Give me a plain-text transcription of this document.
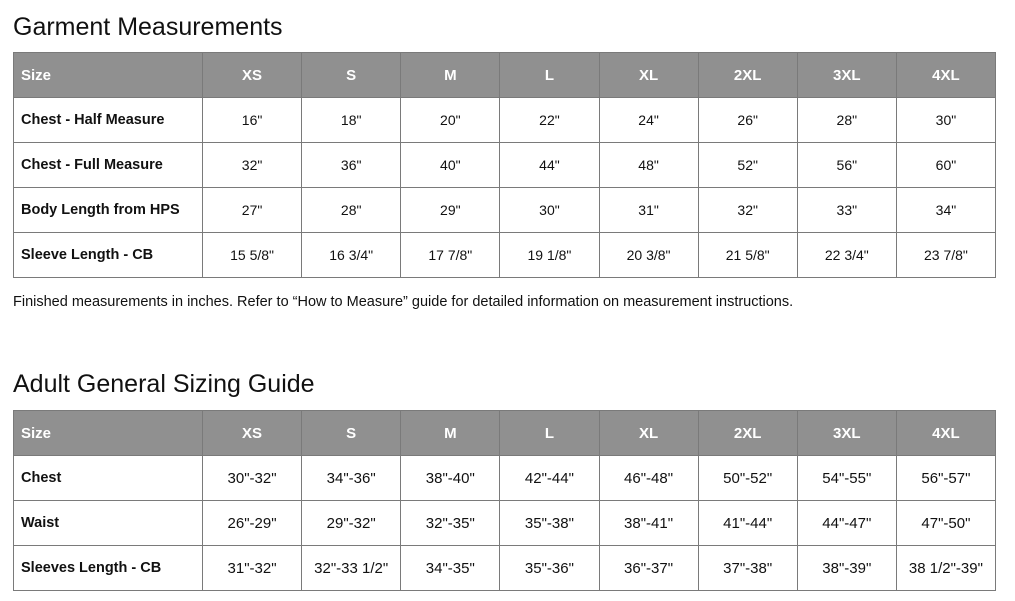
Garment Measurements
Size	XS	S	M	L	XL	2XL	3XL	4XL
Chest - Half Measure	16"	18"	20"	22"	24"	26"	28"	30"
Chest - Full Measure	32"	36"	40"	44"	48"	52"	56"	60"
Body Length from HPS	27"	28"	29"	30"	31"	32"	33"	34"
Sleeve Length - CB	15 5/8"	16 3/4"	17 7/8"	19 1/8"	20 3/8"	21 5/8"	22 3/4"	23 7/8"

Finished measurements in inches. Refer to “How to Measure” guide for detailed information on measurement instructions.

Adult General Sizing Guide
Size	XS	S	M	L	XL	2XL	3XL	4XL
Chest	30"-32"	34"-36"	38"-40"	42"-44"	46"-48"	50"-52"	54"-55"	56"-57"
Waist	26"-29"	29"-32"	32"-35"	35"-38"	38"-41"	41"-44"	44"-47"	47"-50"
Sleeves Length - CB	31"-32"	32"-33 1/2"	34"-35"	35"-36"	36"-37"	37"-38"	38"-39"	38 1/2"-39"
